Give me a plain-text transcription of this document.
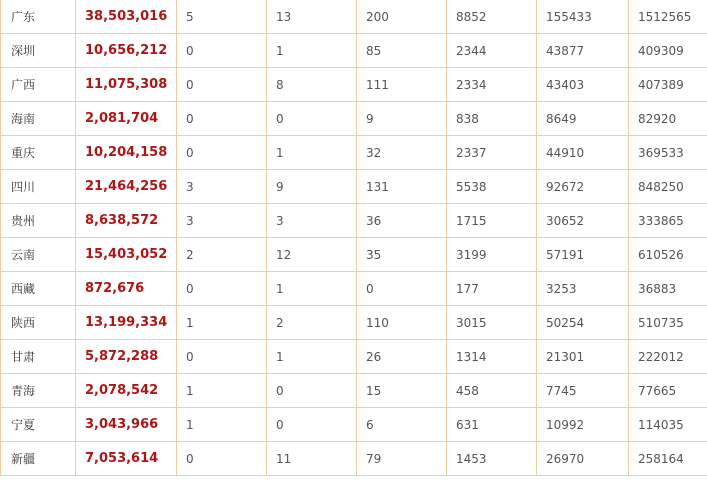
广东	38,503,016	5	13	200	8852	155433	1512565
深圳	10,656,212	0	1	85	2344	43877	409309
广西	11,075,308	0	8	111	2334	43403	407389
海南	2,081,704	0	0	9	838	8649	82920
重庆	10,204,158	0	1	32	2337	44910	369533
四川	21,464,256	3	9	131	5538	92672	848250
贵州	8,638,572	3	3	36	1715	30652	333865
云南	15,403,052	2	12	35	3199	57191	610526
西藏	872,676	0	1	0	177	3253	36883
陕西	13,199,334	1	2	110	3015	50254	510735
甘肃	5,872,288	0	1	26	1314	21301	222012
青海	2,078,542	1	0	15	458	7745	77665
宁夏	3,043,966	1	0	6	631	10992	114035
新疆	7,053,614	0	11	79	1453	26970	258164
